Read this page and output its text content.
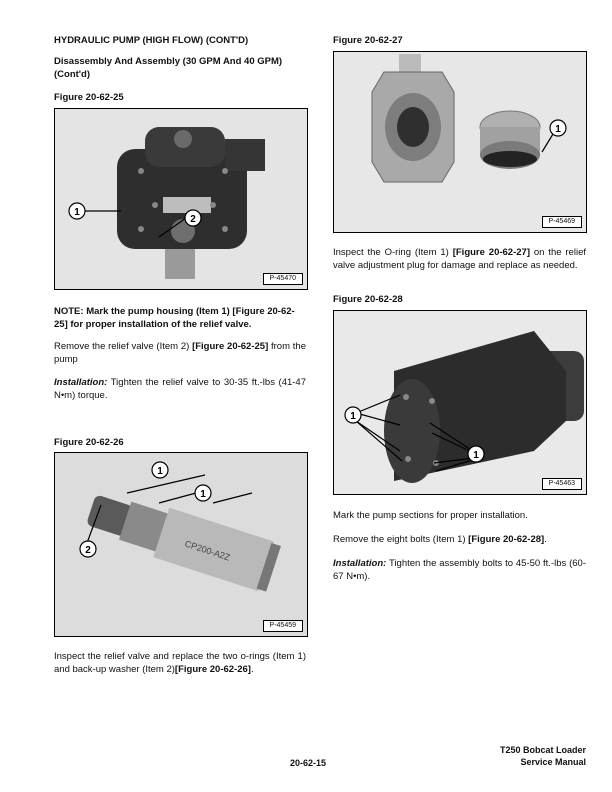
HYDRAULIC PUMP (HIGH FLOW) (CONT'D)
Disassembly And Assembly (30 GPM And 40 GPM) (Cont'd)
Figure 20-62-25
1
2
P-45470
NOTE: Mark the pump housing (Item 1) [Figure 20-62-25] for proper installation of the relief valve.

Remove the relief valve (Item 2) [Figure 20-62-25] from the pump

Installation: Tighten the relief valve to 30-35 ft.-lbs (41-47 N•m) torque.

Figure 20-62-26
CP200-A2Z
1
1
2
P-45459

Inspect the relief valve and replace the two o-rings (Item 1) and back-up washer (Item 2)[Figure 20-62-26].

Figure 20-62-27
1
P-45469

Inspect the O-ring (Item 1) [Figure 20-62-27] on the relief valve adjustment plug for damage and replace as needed.

Figure 20-62-28
1
1
P-45463

Mark the pump sections for proper installation.

Remove the eight bolts (Item 1) [Figure 20-62-28].

Installation: Tighten the assembly bolts to 45-50 ft.-lbs (60-67 N•m).

20-62-15
T250 Bobcat Loader
Service Manual
